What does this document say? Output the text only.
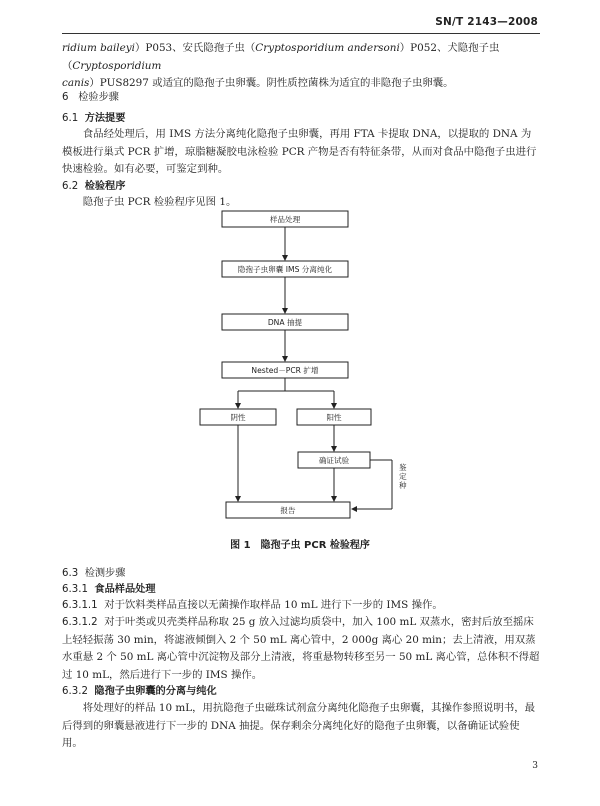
SN/T 2143—2008
ridium baileyi）P053、安氏隐孢子虫（Cryptosporidium andersoni）P052、犬隐孢子虫（Cryptosporidium
canis）PUS8297 或适宜的隐孢子虫卵囊。阴性质控菌株为适宜的非隐孢子虫卵囊。
6 检验步骤
6.1 方法提要
食品经处理后，用 IMS 方法分离纯化隐孢子虫卵囊，再用 FTA 卡提取 DNA，以提取的 DNA 为模板进行巢式 PCR 扩增，琼脂糖凝胶电泳检验 PCR 产物是否有特征条带，从而对食品中隐孢子虫进行快速检验。如有必要，可鉴定到种。
6.2 检验程序
隐孢子虫 PCR 检验程序见图 1。
样品处理
隐孢子虫卵囊 IMS 分离纯化
DNA 抽提
Nested－PCR 扩增
阴性	阳性
确证试验
鉴 定 种
报告
图 1　隐孢子虫 PCR 检验程序
6.3 检测步骤
6.3.1 食品样品处理
6.3.1.1 对于饮料类样品直接以无菌操作取样品 10 mL 进行下一步的 IMS 操作。
6.3.1.2 对于叶类或贝壳类样品称取 25 g 放入过滤均质袋中，加入 100 mL 双蒸水，密封后放至摇床上轻轻振荡 30 min，将滤液倾倒入 2 个 50 mL 离心管中，2 000g 离心 20 min；去上清液，用双蒸水重悬 2 个 50 mL 离心管中沉淀物及部分上清液，将重悬物转移至另一 50 mL 离心管，总体积不得超过 10 mL，然后进行下一步的 IMS 操作。
6.3.2 隐孢子虫卵囊的分离与纯化
将处理好的样品 10 mL，用抗隐孢子虫磁珠试剂盒分离纯化隐孢子虫卵囊，其操作参照说明书，最后得到的卵囊悬液进行下一步的 DNA 抽提。保存剩余分离纯化好的隐孢子虫卵囊，以备确证试验使用。
3
